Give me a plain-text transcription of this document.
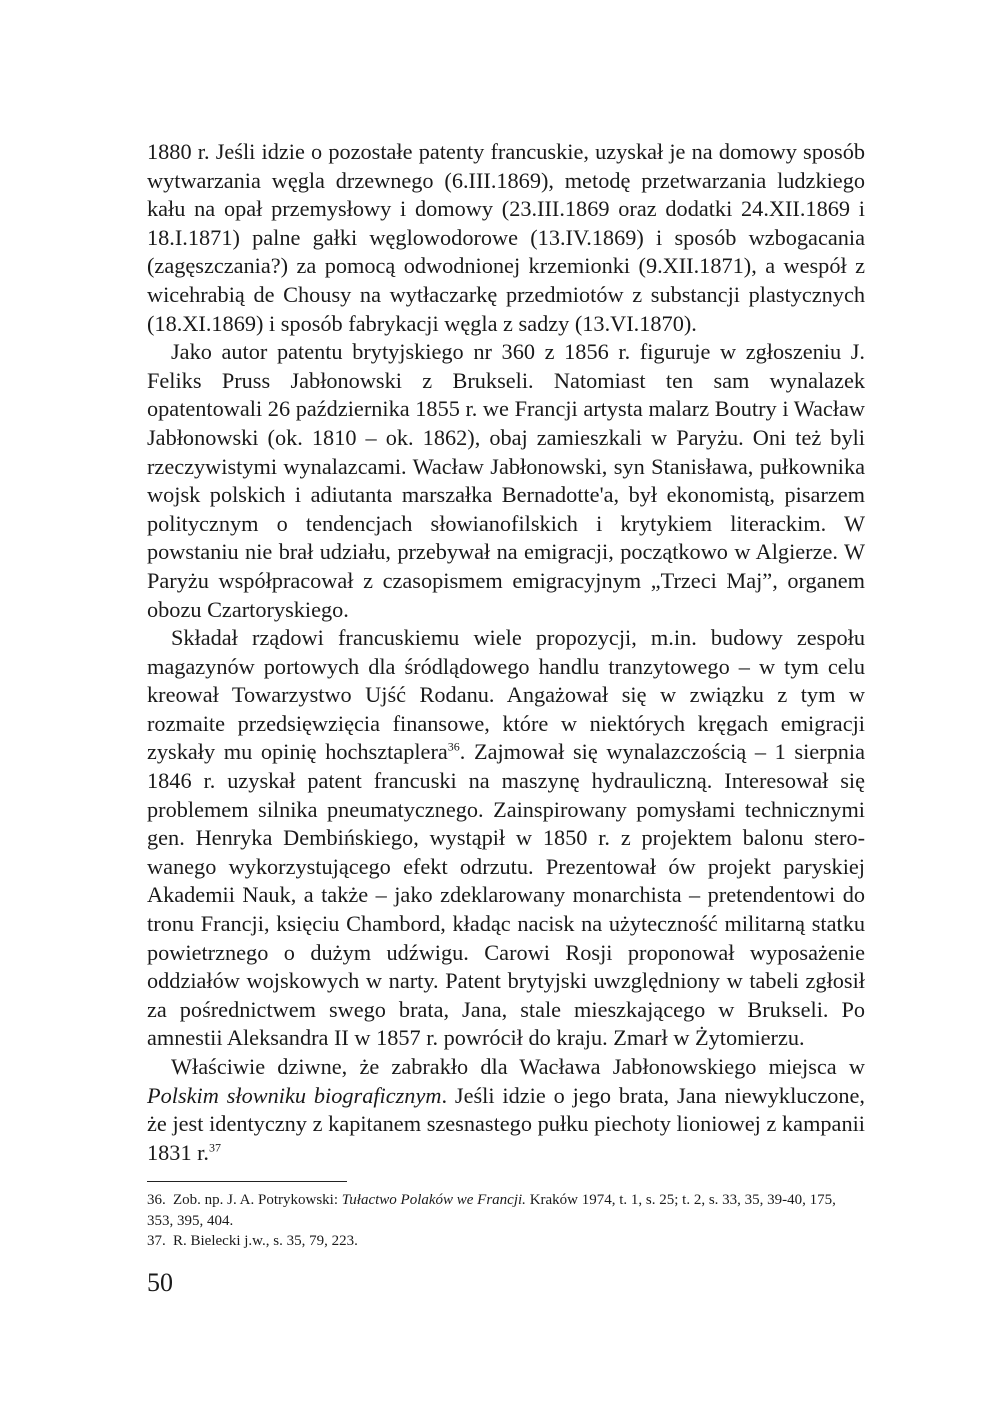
1880 r. Jeśli idzie o pozostałe patenty francuskie, uzyskał je na domowy sposób wytwarzania węgla drzewnego (6.III.1869), metodę przetwarzania ludzkiego kału na opał przemysłowy i domowy (23.III.1869 oraz dodatki 24.XII.1869 i 18.I.1871) palne gałki węglowodorowe (13.IV.1869) i sposób wzbogacania (zagęszczania?) za pomocą odwodnionej krzemionki (9.XII.1871), a wespół z wicehrabią de Chousy na wytłaczarkę przedmiotów z substancji plastycznych (18.XI.1869) i sposób fabrykacji węgla z sadzy (13.VI.1870).

Jako autor patentu brytyjskiego nr 360 z 1856 r. figuruje w zgłoszeniu J. Feliks Pruss Jabłonowski z Brukseli. Natomiast ten sam wynalazek opatentowali 26 października 1855 r. we Francji artysta malarz Boutry i Wacław Jabłonowski (ok. 1810 – ok. 1862), obaj zamieszkali w Paryżu. Oni też byli rzeczywistymi wynalazcami. Wacław Jabłonowski, syn Stanisława, pułkownika wojsk polskich i adiutanta marszałka Bernadotte'a, był ekonomistą, pisarzem politycznym o tendencjach słowianofilskich i krytykiem literackim. W powstaniu nie brał udziału, przebywał na emigracji, początkowo w Algierze. W Paryżu współpracował z czasopismem emigracyjnym „Trzeci Maj”, organem obozu Czartoryskiego.

Składał rządowi francuskiemu wiele propozycji, m.in. budowy zespołu magazynów portowych dla śródlądowego handlu tranzytowego – w tym celu kreował Towarzystwo Ujść Rodanu. Angażował się w związku z tym w rozmaite przedsięwzięcia finansowe, które w niektórych kręgach emigracji zyskały mu opinię hochsztaplera$^{36}$. Zajmował się wynalazczością – 1 sierpnia 1846 r. uzyskał patent francuski na maszynę hydrauliczną. Interesował się problemem silnika pneumatycznego. Zainspirowany pomysłami technicznymi gen. Henryka Dembińskiego, wystąpił w 1850 r. z projektem balonu sterowanego wykorzystującego efekt odrzutu. Prezentował ów projekt paryskiej Akademii Nauk, a także – jako zdeklarowany monarchista – pretendentowi do tronu Francji, księciu Chambord, kładąc nacisk na użyteczność militarną statku powietrznego o dużym udźwigu. Carowi Rosji proponował wyposażenie oddziałów wojskowych w narty. Patent brytyjski uwzględniony w tabeli zgłosił za pośrednictwem swego brata, Jana, stale mieszkającego w Brukseli. Po amnestii Aleksandra II w 1857 r. powrócił do kraju. Zmarł w Żytomierzu.

Właściwie dziwne, że zabrakło dla Wacława Jabłonowskiego miejsca w Polskim słowniku biograficznym. Jeśli idzie o jego brata, Jana niewykluczone, że jest identyczny z kapitanem szesnastego pułku piechoty lioniowej z kampanii 1831 r.$^{37}$

36. Zob. np. J. A. Potrykowski: Tułactwo Polaków we Francji. Kraków 1974, t. 1, s. 25; t. 2, s. 33, 35, 39-40, 175, 353, 395, 404.

37. R. Bielecki j.w., s. 35, 79, 223.

50
